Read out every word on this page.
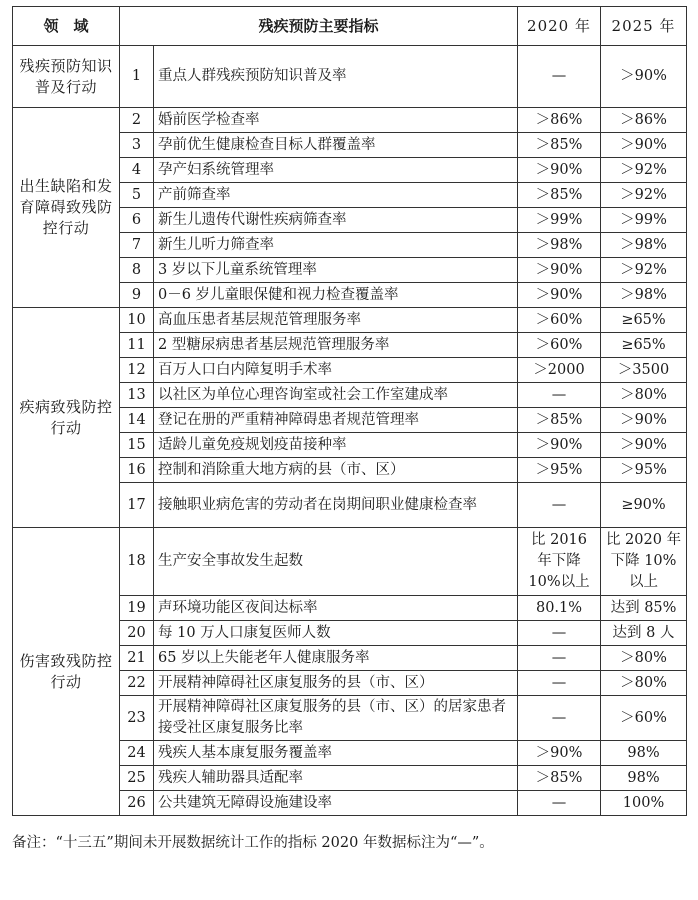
领　域	残疾预防主要指标		2020 年	2025 年
残疾预防知识普及行动	1	重点人群残疾预防知识普及率	—	＞90%
出生缺陷和发育障碍致残防控行动	2	婚前医学检查率	＞86%	＞86%
	3	孕前优生健康检查目标人群覆盖率	＞85%	＞90%
	4	孕产妇系统管理率	＞90%	＞92%
	5	产前筛查率	＞85%	＞92%
	6	新生儿遗传代谢性疾病筛查率	＞99%	＞99%
	7	新生儿听力筛查率	＞98%	＞98%
	8	3 岁以下儿童系统管理率	＞90%	＞92%
	9	0－6 岁儿童眼保健和视力检查覆盖率	＞90%	＞98%
疾病致残防控行动	10	高血压患者基层规范管理服务率	＞60%	≥65%
	11	2 型糖尿病患者基层规范管理服务率	＞60%	≥65%
	12	百万人口白内障复明手术率	＞2000	＞3500
	13	以社区为单位心理咨询室或社会工作室建成率	—	＞80%
	14	登记在册的严重精神障碍患者规范管理率	＞85%	＞90%
	15	适龄儿童免疫规划疫苗接种率	＞90%	＞90%
	16	控制和消除重大地方病的县（市、区）	＞95%	＞95%
	17	接触职业病危害的劳动者在岗期间职业健康检查率	—	≥90%
伤害致残防控行动	18	生产安全事故发生起数	比 2016 年下降 10%以上	比 2020 年下降 10%以上
	19	声环境功能区夜间达标率	80.1%	达到 85%
	20	每 10 万人口康复医师人数	—	达到 8 人
	21	65 岁以上失能老年人健康服务率	—	＞80%
	22	开展精神障碍社区康复服务的县（市、区）	—	＞80%
	23	开展精神障碍社区康复服务的县（市、区）的居家患者接受社区康复服务比率	—	＞60%
	24	残疾人基本康复服务覆盖率	＞90%	98%
	25	残疾人辅助器具适配率	＞85%	98%
	26	公共建筑无障碍设施建设率	—	100%
备注：“十三五”期间未开展数据统计工作的指标 2020 年数据标注为“—”。
